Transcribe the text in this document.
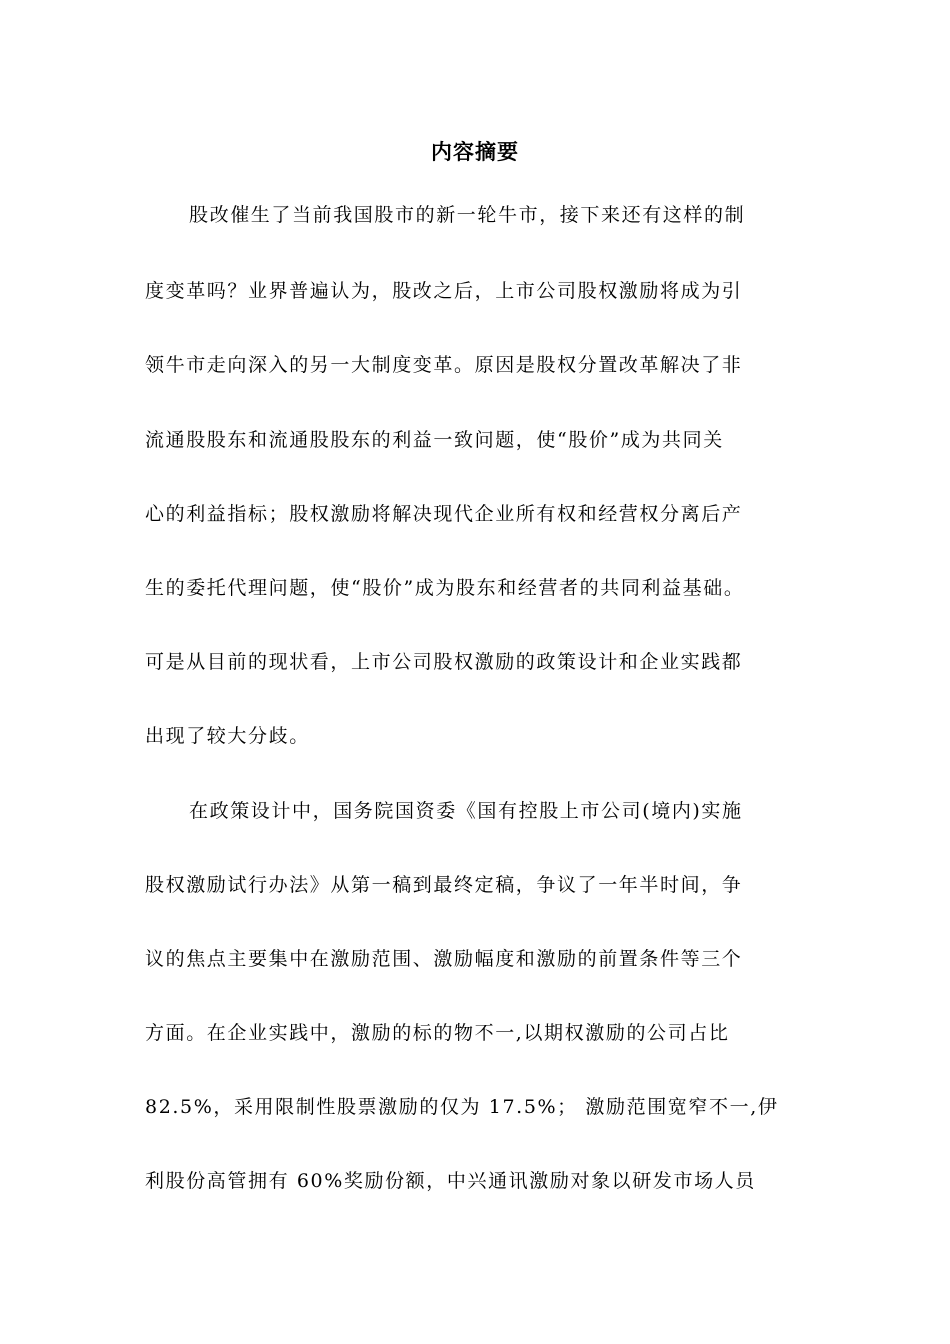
内容摘要
股改催生了当前我国股市的新一轮牛市，接下来还有这样的制
度变革吗？业界普遍认为，股改之后，上市公司股权激励将成为引
领牛市走向深入的另一大制度变革。原因是股权分置改革解决了非
流通股股东和流通股股东的利益一致问题，使“股价”成为共同关
心的利益指标；股权激励将解决现代企业所有权和经营权分离后产
生的委托代理问题，使“股价”成为股东和经营者的共同利益基础。
可是从目前的现状看，上市公司股权激励的政策设计和企业实践都
出现了较大分歧。
在政策设计中，国务院国资委《国有控股上市公司(境内)实施
股权激励试行办法》从第一稿到最终定稿，争议了一年半时间，争
议的焦点主要集中在激励范围、激励幅度和激励的前置条件等三个
方面。在企业实践中，激励的标的物不一,以期权激励的公司占比
82.5%，采用限制性股票激励的仅为 17.5%； 激励范围宽窄不一,伊
利股份高管拥有 60%奖励份额，中兴通讯激励对象以研发市场人员
